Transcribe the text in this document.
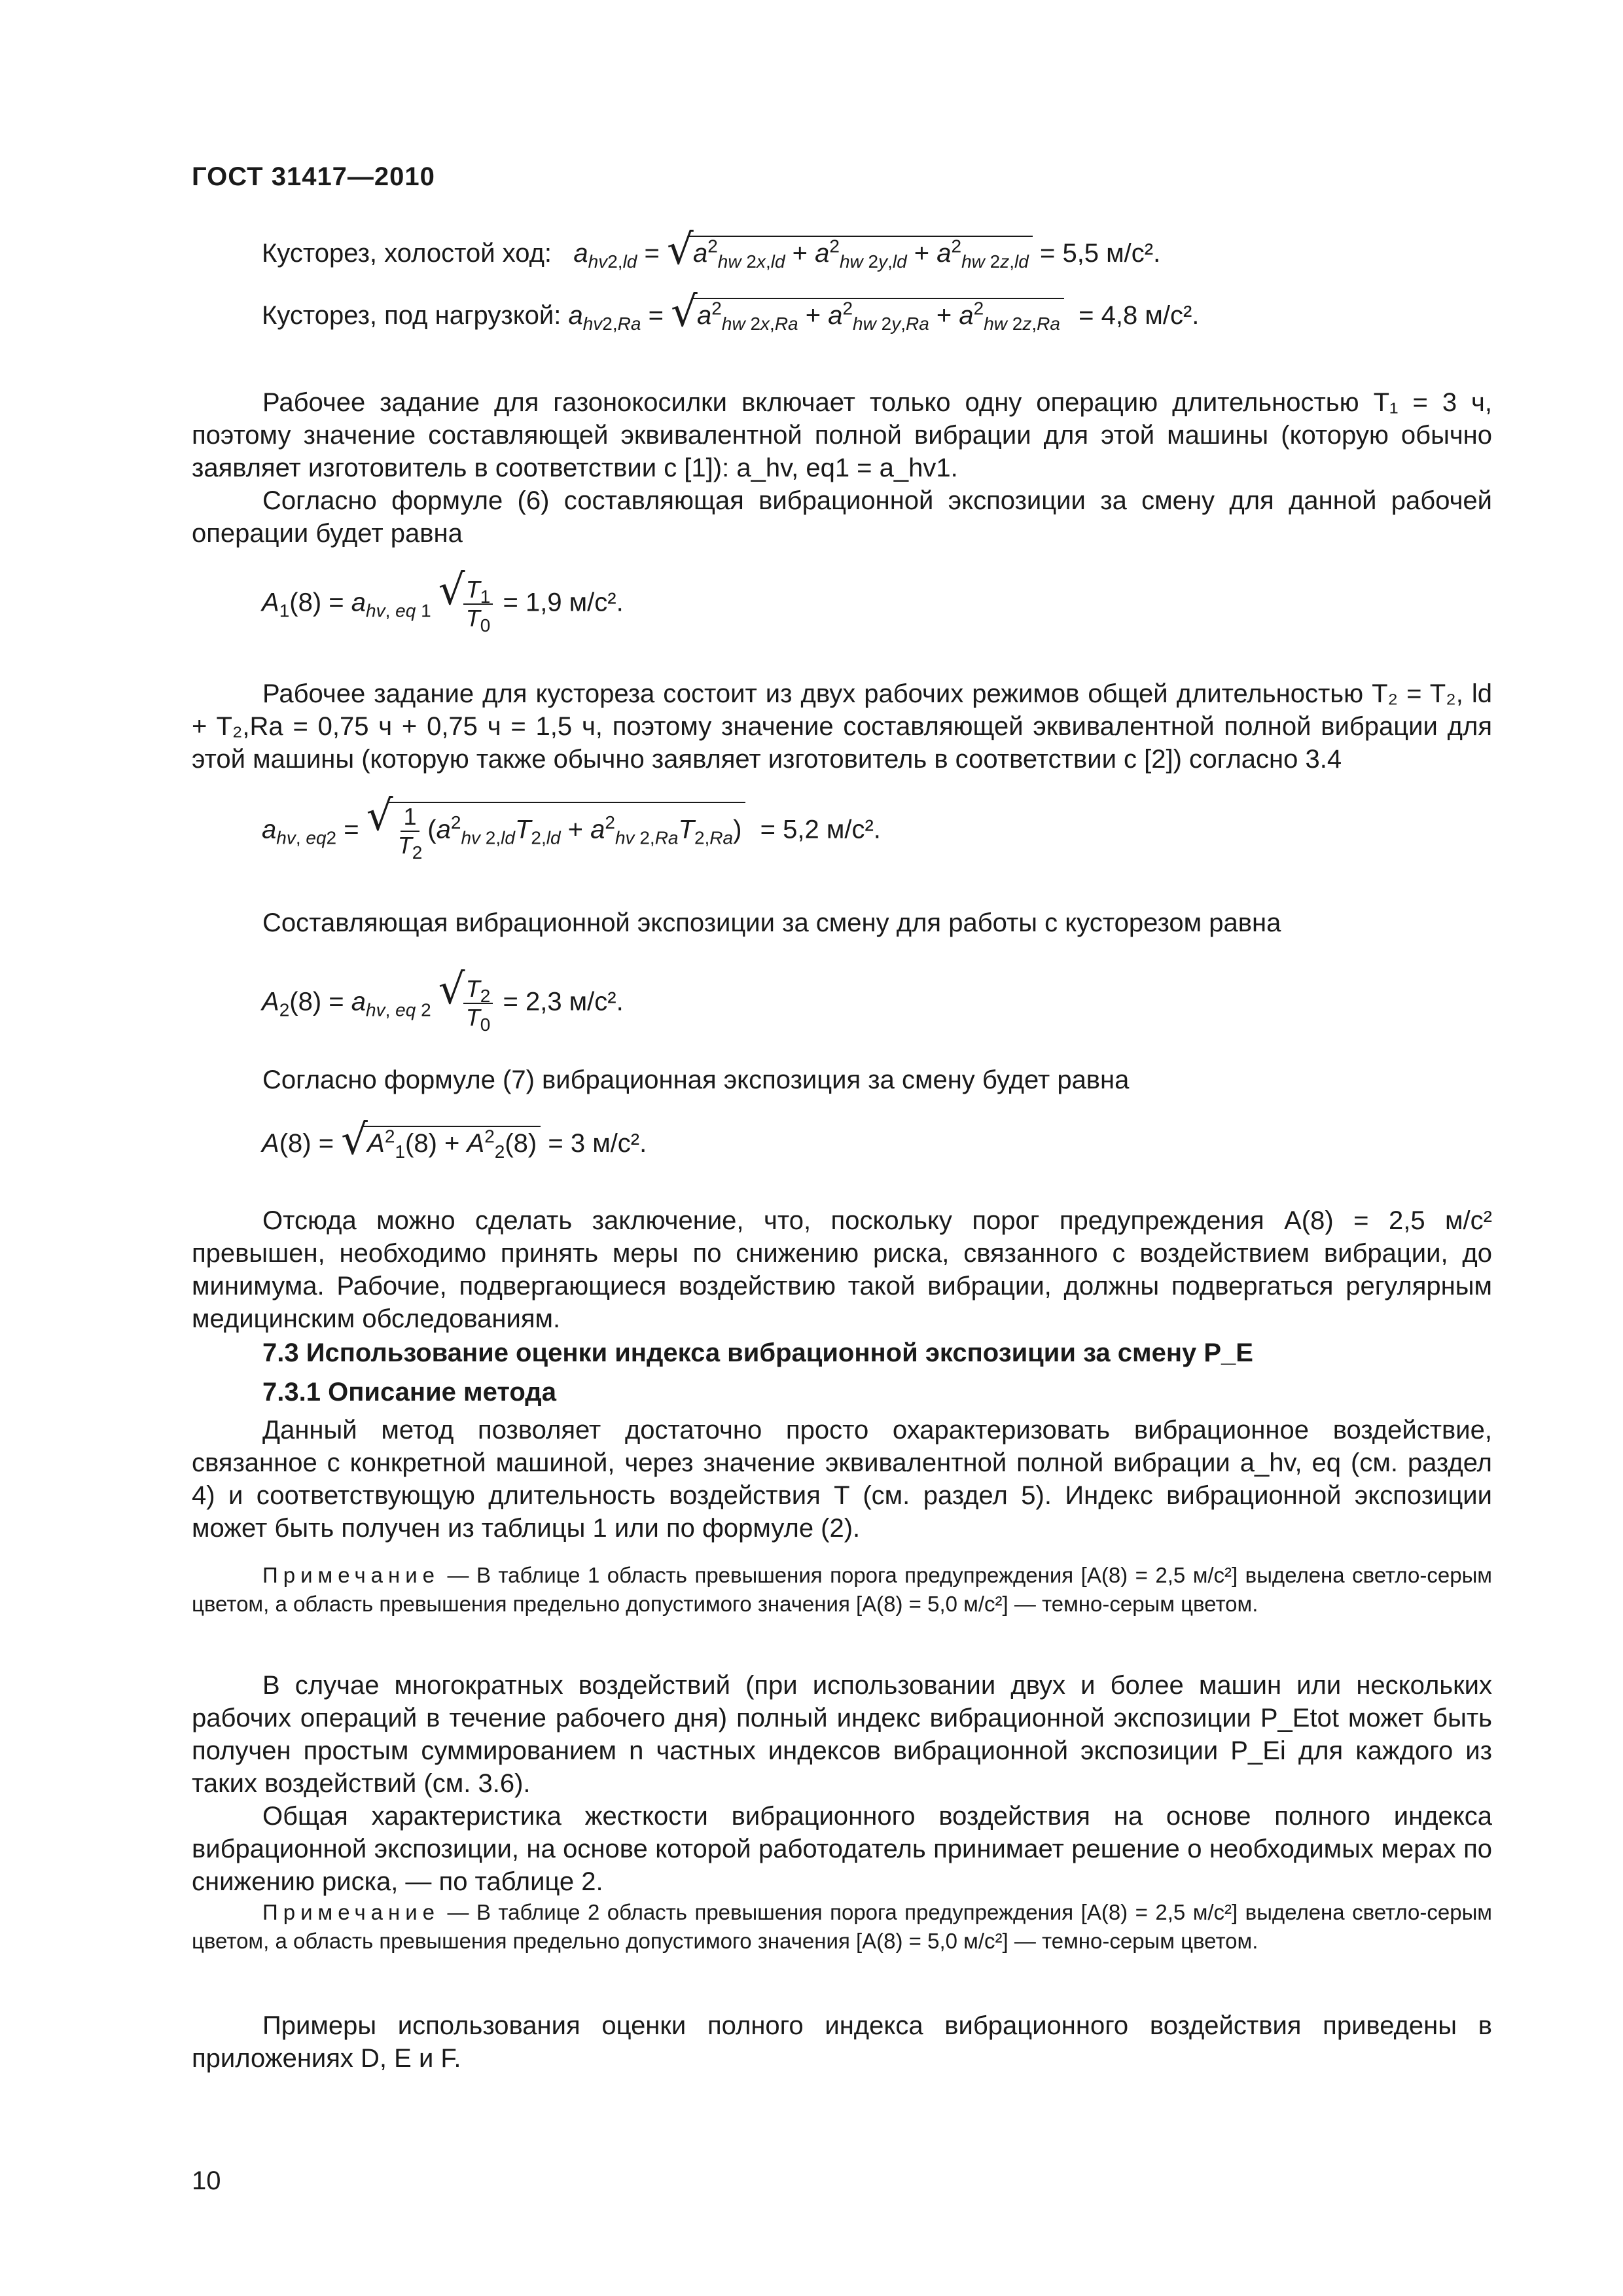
ГОСТ 31417—2010
Кусторез, холостой ход: $a_{hv2,ld}$ = √ $a^2_{hw 2x,ld} + a^2_{hw 2y,ld} + a^2_{hw 2z,ld} = 5,5$ м/с².
Кусторез, под нагрузкой: $a_{hv2,Ra}$ = √ $a^2_{hw 2x,Ra} + a^2_{hw 2y,Ra} + a^2_{hw 2z,Ra} = 4,8$ м/с².

Рабочее задание для газонокосилки включает только одну операцию длительностью T₁ = 3 ч, поэтому значение составляющей эквивалентной полной вибрации для этой машины (которую обычно заявляет изготовитель в соответствии с [1]): a_hv, eq1 = a_hv1.

Согласно формуле (6) составляющая вибрационной экспозиции за смену для данной рабочей операции будет равна

$A_1(8) = a_{hv, eq 1}$ √
$\frac{T_1}{T_0} = 1,9$ м/с².

Рабочее задание для кустореза состоит из двух рабочих режимов общей длительностью T₂ = T₂, ld + T₂,Ra = 0,75 ч + 0,75 ч = 1,5 ч, поэтому значение составляющей эквивалентной полной вибрации для этой машины (которую также обычно заявляет изготовитель в соответствии с [2]) согласно 3.4

$a_{hv, eq2}$ = √ $\frac{1}{T_2} (a^2_{hv 2,ld}T_{2,ld} + a^2_{hv 2,Ra}T_{2,Ra}) = 5,2$ м/с².

Составляющая вибрационной экспозиции за смену для работы с кусторезом равна

$A_2(8) = a_{hv, eq 2}$ √
$\frac{T_2}{T_0} = 2,3$ м/с².

Согласно формуле (7) вибрационная экспозиция за смену будет равна

A(8) = √ $A^2_1(8) + A^2_2(8) = 3$ м/с².

Отсюда можно сделать заключение, что, поскольку порог предупреждения A(8) = 2,5 м/с² превышен, необходимо принять меры по снижению риска, связанного с воздействием вибрации, до минимума. Рабочие, подвергающиеся воздействию такой вибрации, должны подвергаться регулярным медицинским обследованиям.

7.3 Использование оценки индекса вибрационной экспозиции за смену P_E

7.3.1 Описание метода

Данный метод позволяет достаточно просто охарактеризовать вибрационное воздействие, связанное с конкретной машиной, через значение эквивалентной полной вибрации a_hv, eq (см. раздел 4) и соответствующую длительность воздействия T (см. раздел 5). Индекс вибрационной экспозиции может быть получен из таблицы 1 или по формуле (2).

Примечание — В таблице 1 область превышения порога предупреждения [A(8) = 2,5 м/с²] выделена светло-серым цветом, а область превышения предельно допустимого значения [A(8) = 5,0 м/с²] — темно-серым цветом.

В случае многократных воздействий (при использовании двух и более машин или нескольких рабочих операций в течение рабочего дня) полный индекс вибрационной экспозиции P_Etot может быть получен простым суммированием n частных индексов вибрационной экспозиции P_Ei для каждого из таких воздействий (см. 3.6).

Общая характеристика жесткости вибрационного воздействия на основе полного индекса вибрационной экспозиции, на основе которой работодатель принимает решение о необходимых мерах по снижению риска, — по таблице 2.

Примечание — В таблице 2 область превышения порога предупреждения [A(8) = 2,5 м/с²] выделена светло-серым цветом, а область превышения предельно допустимого значения [A(8) = 5,0 м/с²] — темно-серым цветом.

Примеры использования оценки полного индекса вибрационного воздействия приведены в приложениях D, E и F.

10
